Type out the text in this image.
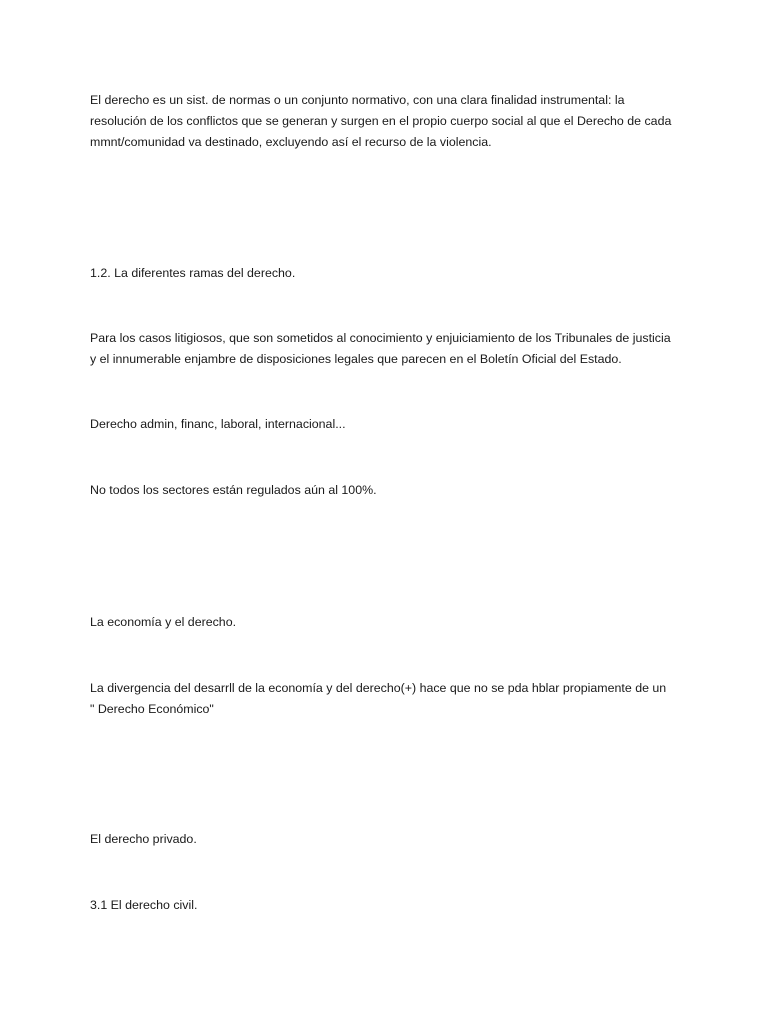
El derecho es un sist. de normas o un conjunto normativo, con una clara finalidad instrumental: la
resolución de los conflictos que se generan y surgen en el propio cuerpo social al que el Derecho de cada
mmnt/comunidad va destinado, excluyendo así el recurso de la violencia.

1.2. La diferentes ramas del derecho.

Para los casos litigiosos, que son sometidos al conocimiento y enjuiciamiento de los Tribunales de justicia
y el innumerable enjambre de disposiciones legales que parecen en el Boletín Oficial del Estado.

Derecho admin, financ, laboral, internacional...

No todos los sectores están regulados aún al 100%.

La economía y el derecho.

La divergencia del desarrll de la economía y del derecho(+) hace que no se pda hblar propiamente de un
" Derecho Económico"

El derecho privado.

3.1 El derecho civil.
